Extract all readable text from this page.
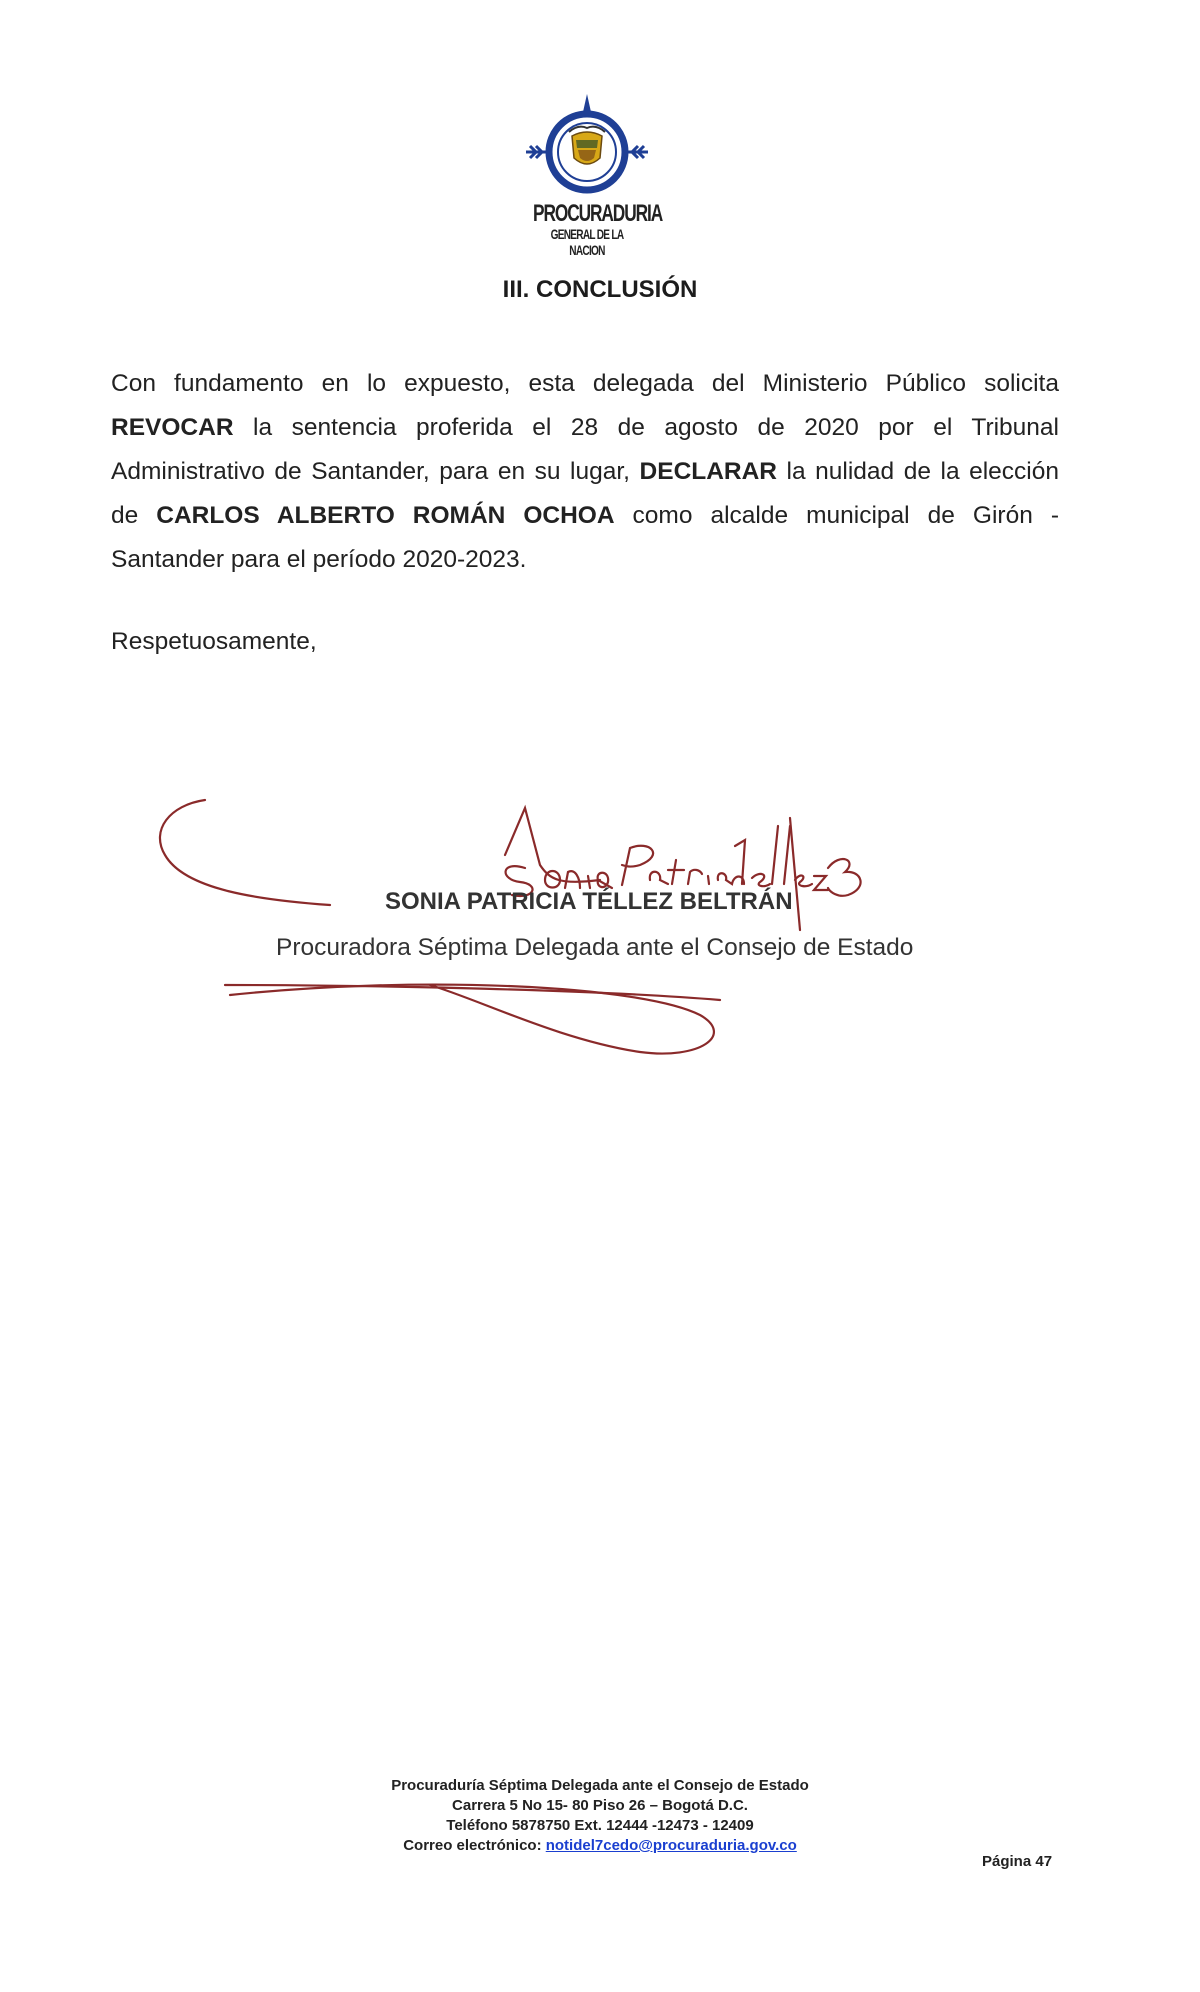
PROCURADURIA
GENERAL DE LA NACION
III. CONCLUSIÓN
Con fundamento en lo expuesto, esta delegada del Ministerio Público solicita REVOCAR la sentencia proferida el 28 de agosto de 2020 por el Tribunal Administrativo de Santander, para en su lugar, DECLARAR la nulidad de la elección de CARLOS ALBERTO ROMÁN OCHOA como alcalde municipal de Girón - Santander para el período 2020-2023.
Respetuosamente,
SONIA PATRICIA TÉLLEZ BELTRÁN
Procuradora Séptima Delegada ante el Consejo de Estado
Procuraduría Séptima Delegada ante el Consejo de Estado
Carrera 5 No 15- 80 Piso 26 – Bogotá D.C.
Teléfono 5878750 Ext. 12444 -12473 - 12409
Correo electrónico: notidel7cedo@procuraduria.gov.co
Página 47
